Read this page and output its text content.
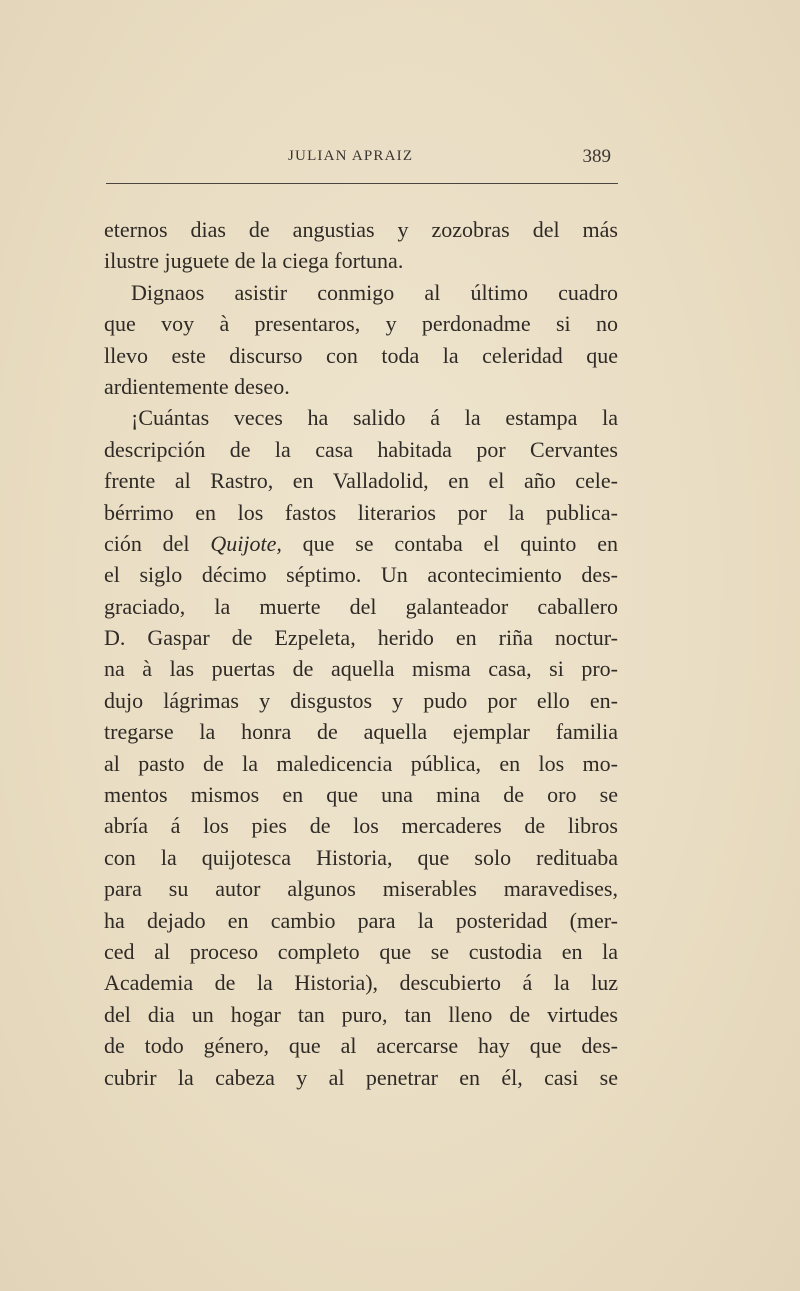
JULIAN APRAIZ	389
eternos dias de angustias y zozobras del más
ilustre juguete de la ciega fortuna.
Dignaos asistir conmigo al último cuadro
que voy à presentaros, y perdonadme si no
llevo este discurso con toda la celeridad que
ardientemente deseo.
¡Cuántas veces ha salido á la estampa la
descripción de la casa habitada por Cervantes
frente al Rastro, en Valladolid, en el año cele-
bérrimo en los fastos literarios por la publica-
ción del Quijote, que se contaba el quinto en
el siglo décimo séptimo. Un acontecimiento des-
graciado, la muerte del galanteador caballero
D. Gaspar de Ezpeleta, herido en riña noctur-
na à las puertas de aquella misma casa, si pro-
dujo lágrimas y disgustos y pudo por ello en-
tregarse la honra de aquella ejemplar familia
al pasto de la maledicencia pública, en los mo-
mentos mismos en que una mina de oro se
abría á los pies de los mercaderes de libros
con la quijotesca Historia, que solo redituaba
para su autor algunos miserables maravedises,
ha dejado en cambio para la posteridad (mer-
ced al proceso completo que se custodia en la
Academia de la Historia), descubierto á la luz
del dia un hogar tan puro, tan lleno de virtudes
de todo género, que al acercarse hay que des-
cubrir la cabeza y al penetrar en él, casi se
